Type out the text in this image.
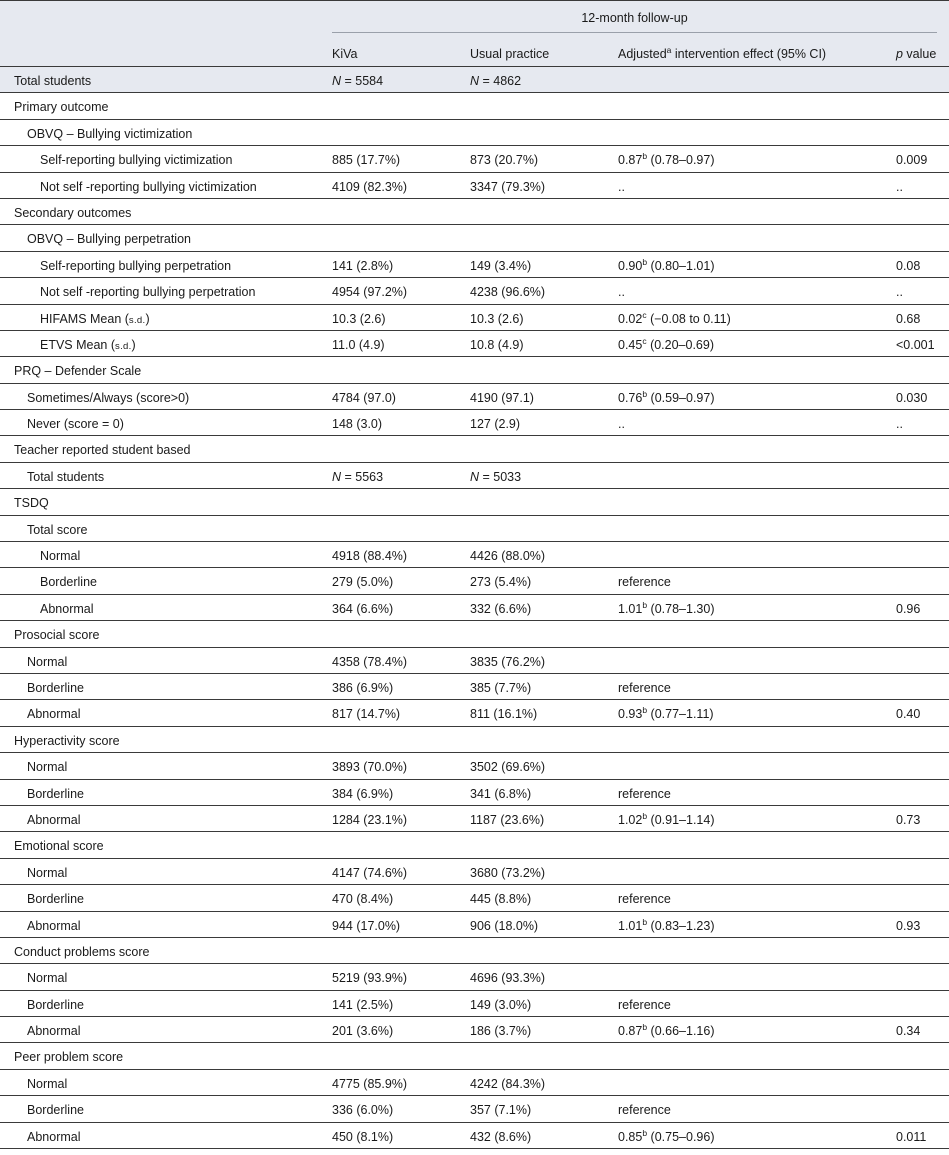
12-month follow-up
KiVa	Usual practice	Adjusted$^a$ intervention effect (95% CI)	p value
Total students	N = 5584	N = 4862
Primary outcome
OBVQ – Bullying victimization
Self-reporting bullying victimization	885 (17.7%)	873 (20.7%)	0.87$^b$ (0.78–0.97)	0.009
Not self -reporting bullying victimization	4109 (82.3%)	3347 (79.3%)	..	..
Secondary outcomes
OBVQ – Bullying perpetration
Self-reporting bullying perpetration	141 (2.8%)	149 (3.4%)	0.90$^b$ (0.80–1.01)	0.08
Not self -reporting bullying perpetration	4954 (97.2%)	4238 (96.6%)	..	..
HIFAMS Mean (s.d.)	10.3 (2.6)	10.3 (2.6)	0.02$^c$ (−0.08 to 0.11)	0.68
ETVS Mean (s.d.)	11.0 (4.9)	10.8 (4.9)	0.45$^c$ (0.20–0.69)	<0.001
PRQ – Defender Scale
Sometimes/Always (score>0)	4784 (97.0)	4190 (97.1)	0.76$^b$ (0.59–0.97)	0.030
Never (score = 0)	148 (3.0)	127 (2.9)	..	..
Teacher reported student based
Total students	N = 5563	N = 5033
TSDQ
Total score
Normal	4918 (88.4%)	4426 (88.0%)
Borderline	279 (5.0%)	273 (5.4%)	reference
Abnormal	364 (6.6%)	332 (6.6%)	1.01$^b$ (0.78–1.30)	0.96
Prosocial score
Normal	4358 (78.4%)	3835 (76.2%)
Borderline	386 (6.9%)	385 (7.7%)	reference
Abnormal	817 (14.7%)	811 (16.1%)	0.93$^b$ (0.77–1.11)	0.40
Hyperactivity score
Normal	3893 (70.0%)	3502 (69.6%)
Borderline	384 (6.9%)	341 (6.8%)	reference
Abnormal	1284 (23.1%)	1187 (23.6%)	1.02$^b$ (0.91–1.14)	0.73
Emotional score
Normal	4147 (74.6%)	3680 (73.2%)
Borderline	470 (8.4%)	445 (8.8%)	reference
Abnormal	944 (17.0%)	906 (18.0%)	1.01$^b$ (0.83–1.23)	0.93
Conduct problems score
Normal	5219 (93.9%)	4696 (93.3%)
Borderline	141 (2.5%)	149 (3.0%)	reference
Abnormal	201 (3.6%)	186 (3.7%)	0.87$^b$ (0.66–1.16)	0.34
Peer problem score
Normal	4775 (85.9%)	4242 (84.3%)
Borderline	336 (6.0%)	357 (7.1%)	reference
Abnormal	450 (8.1%)	432 (8.6%)	0.85$^b$ (0.75–0.96)	0.011
